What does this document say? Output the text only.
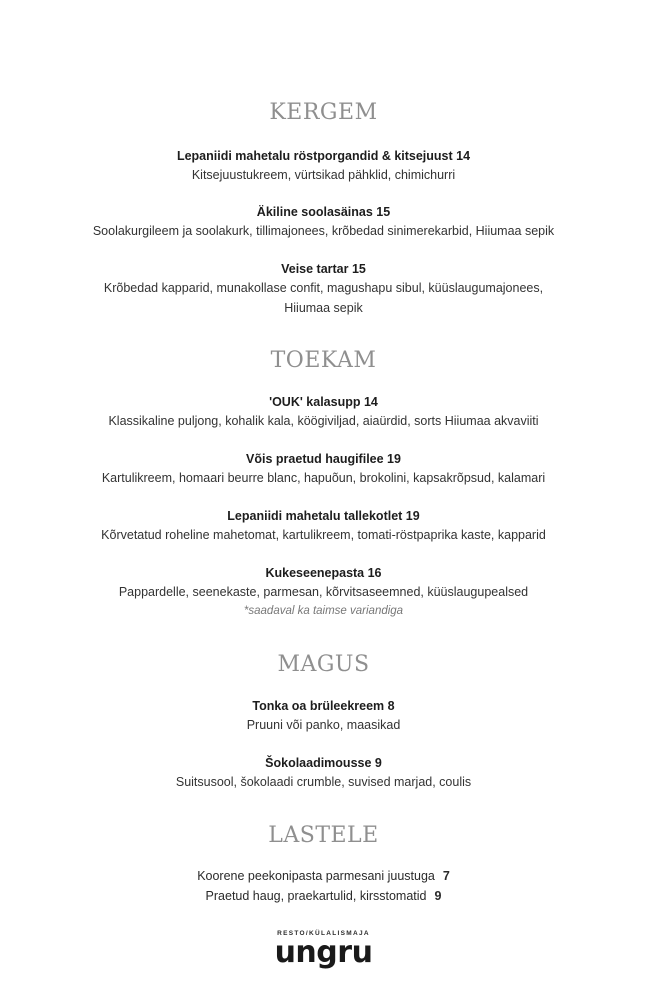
KERGEM
Lepaniidi mahetalu röstporgandid & kitsejuust 14
Kitsejuustukreem, vürtsikad pähklid, chimichurri
Äkiline soolasäinas 15
Soolakurgileem ja soolakurk, tillimajonees, krõbedad sinimerekarbid, Hiiumaa sepik
Veise tartar 15
Krõbedad kapparid, munakollase confit, magushapu sibul, küüslaugumajonees,
Hiiumaa sepik
TOEKAM
'OUK' kalasupp 14
Klassikaline puljong, kohalik kala, köögiviljad, aiaürdid, sorts Hiiumaa akvaviiti
Võis praetud haugifilee 19
Kartulikreem, homaari beurre blanc, hapuõun, brokolini, kapsakrõpsud, kalamari
Lepaniidi mahetalu tallekotlet 19
Kõrvetatud roheline mahetomat, kartulikreem, tomati-röstpaprika kaste, kapparid
Kukeseenepasta 16
Pappardelle, seenekaste, parmesan, kõrvitsaseemned, küüslaugupealsed
*saadaval ka taimse variandiga
MAGUS
Tonka oa brüleekreem 8
Pruuni või panko, maasikad
Šokolaadimousse 9
Suitsusool, šokolaadi crumble, suvised marjad, coulis
LASTELE
Koorene peekonipasta parmesani juustuga 7
Praetud haug, praekartulid, kirsstomatid 9
RESTO/KÜLALISMAJA
ungru
